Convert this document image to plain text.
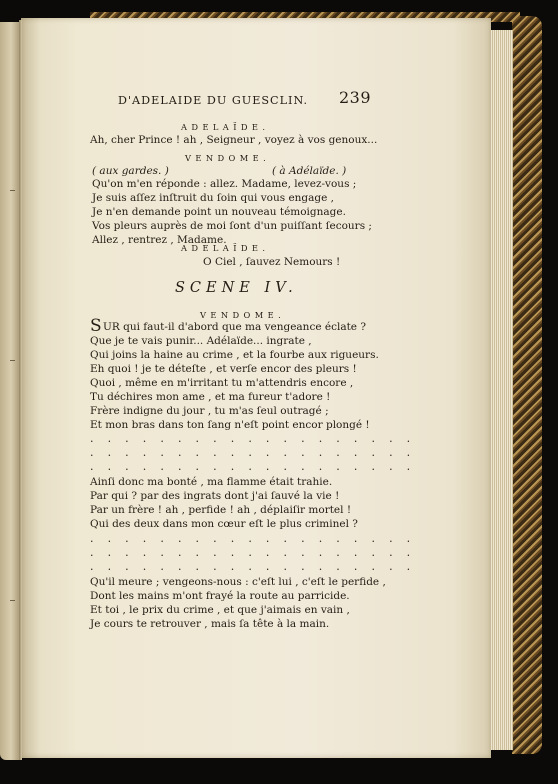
D'ADELAIDE DU GUESCLIN. 239
ADELAÏDE.
Ah, cher Prince ! ah , Seigneur , voyez à vos genoux...
VENDOME.
( aux gardes. )	( à Adélaïde. )
Qu'on m'en réponde : allez. Madame, levez-vous ;
Je suis aſſez inſtruit du ſoin qui vous engage ,
Je n'en demande point un nouveau témoignage.
Vos pleurs auprès de moi ſont d'un puiſſant ſecours ;
Allez , rentrez , Madame.
ADELAÏDE.
O Ciel , ſauvez Nemours !
SCENE IV.
VENDOME.
S UR qui faut-il d'abord que ma vengeance éclate ?
Que je te vais punir... Adélaïde... ingrate ,
Qui joins la haine au crime , et la fourbe aux rigueurs.
Eh quoi ! je te déteſte , et verſe encor des pleurs !
Quoi , même en m'irritant tu m'attendris encore ,
Tu déchires mon ame , et ma fureur t'adore !
Frère indigne du jour , tu m'as ſeul outragé ;
Et mon bras dans ton ſang n'eſt point encor plongé !
. . . . . . . . . . . . . . . . . . .
. . . . . . . . . . . . . . . . . . .
. . . . . . . . . . . . . . . . . . .
Ainſi donc ma bonté , ma flamme était trahie.
Par qui ? par des ingrats dont j'ai ſauvé la vie !
Par un frère ! ah , perfide ! ah , déplaiſir mortel !
Qui des deux dans mon cœur eſt le plus criminel ?
. . . . . . . . . . . . . . . . . . .
. . . . . . . . . . . . . . . . . . .
. . . . . . . . . . . . . . . . . . .
Qu'il meure ; vengeons-nous : c'eſt lui , c'eſt le perfide ,
Dont les mains m'ont frayé la route au parricide.
Et toi , le prix du crime , et que j'aimais en vain ,
Je cours te retrouver , mais ſa tête à la main.
